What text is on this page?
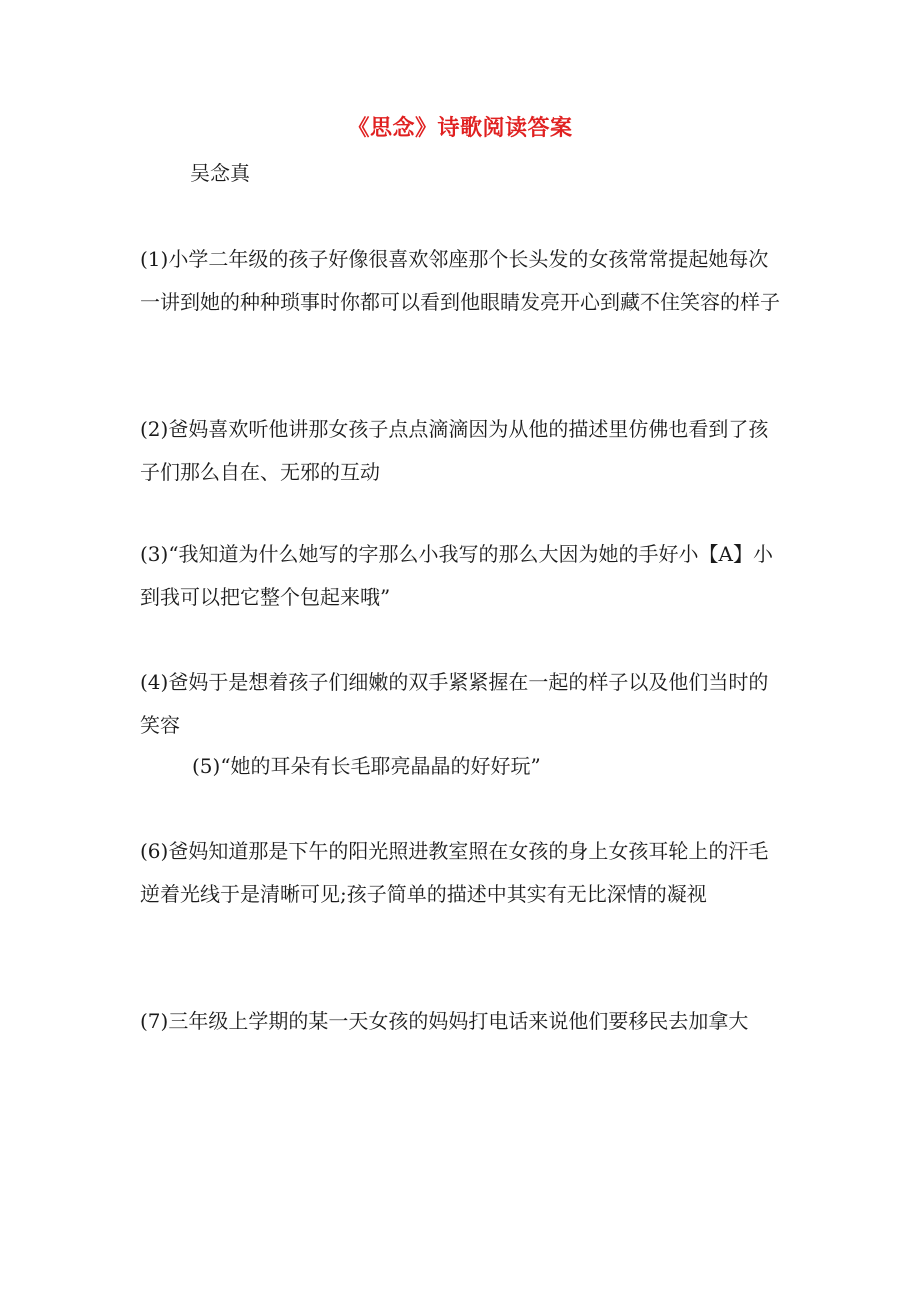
《思念》诗歌阅读答案

吴念真

(1)小学二年级的孩子好像很喜欢邻座那个长头发的女孩常常提起她每次一讲到她的种种琐事时你都可以看到他眼睛发亮开心到藏不住笑容的样子

(2)爸妈喜欢听他讲那女孩子点点滴滴因为从他的描述里仿佛也看到了孩子们那么自在、无邪的互动

(3)“我知道为什么她写的字那么小我写的那么大因为她的手好小【A】小到我可以把它整个包起来哦”

(4)爸妈于是想着孩子们细嫩的双手紧紧握在一起的样子以及他们当时的笑容

(5)“她的耳朵有长毛耶亮晶晶的好好玩”

(6)爸妈知道那是下午的阳光照进教室照在女孩的身上女孩耳轮上的汗毛逆着光线于是清晰可见;孩子简单的描述中其实有无比深情的凝视

(7)三年级上学期的某一天女孩的妈妈打电话来说他们要移民去加拿大
